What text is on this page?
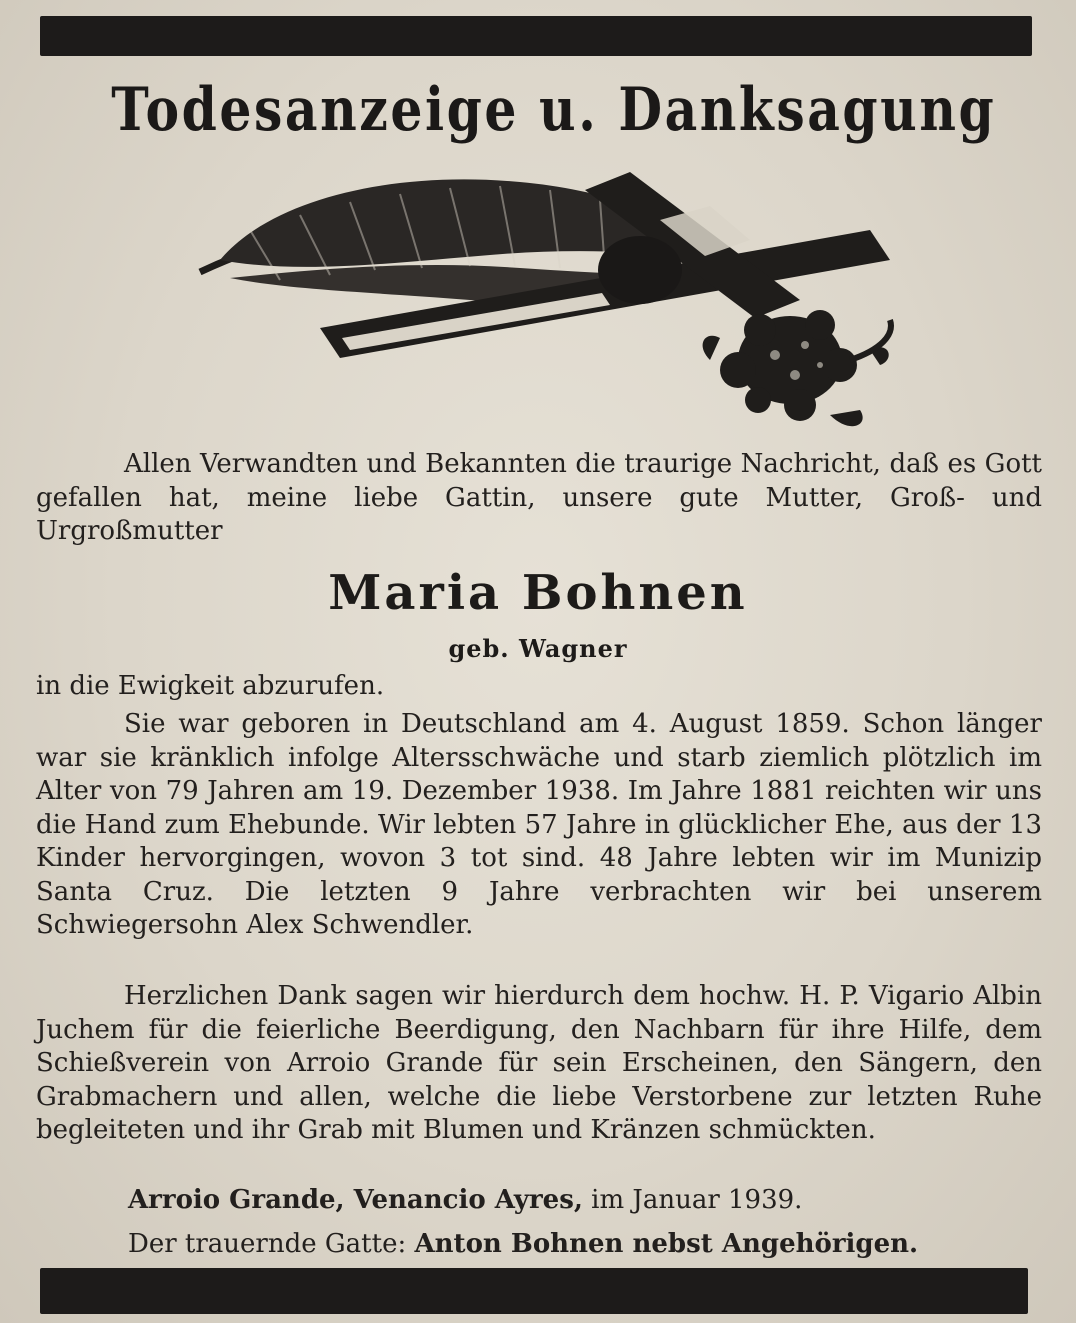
Todesanzeige u. Danksagung
Allen Verwandten und Bekannten die traurige Nachricht, daß es Gott gefallen hat, meine liebe Gattin, unsere gute Mutter, Groß- und Urgroßmutter
Maria Bohnen
geb. Wagner
in die Ewigkeit abzurufen.
Sie war geboren in Deutschland am 4. August 1859. Schon länger war sie kränklich infolge Altersschwäche und starb ziemlich plötzlich im Alter von 79 Jahren am 19. Dezember 1938. Im Jahre 1881 reichten wir uns die Hand zum Ehebunde. Wir lebten 57 Jahre in glücklicher Ehe, aus der 13 Kinder hervorgingen, wovon 3 tot sind. 48 Jahre lebten wir im Munizip Santa Cruz. Die letzten 9 Jahre verbrachten wir bei unserem Schwiegersohn Alex Schwendler.
Herzlichen Dank sagen wir hierdurch dem hochw. H. P. Vigario Albin Juchem für die feierliche Beerdigung, den Nachbarn für ihre Hilfe, dem Schießverein von Arroio Grande für sein Erscheinen, den Sängern, den Grabmachern und allen, welche die liebe Verstorbene zur letzten Ruhe begleiteten und ihr Grab mit Blumen und Kränzen schmückten.
Arroio Grande, Venancio Ayres, im Januar 1939.
Der trauernde Gatte: Anton Bohnen nebst Angehörigen.
